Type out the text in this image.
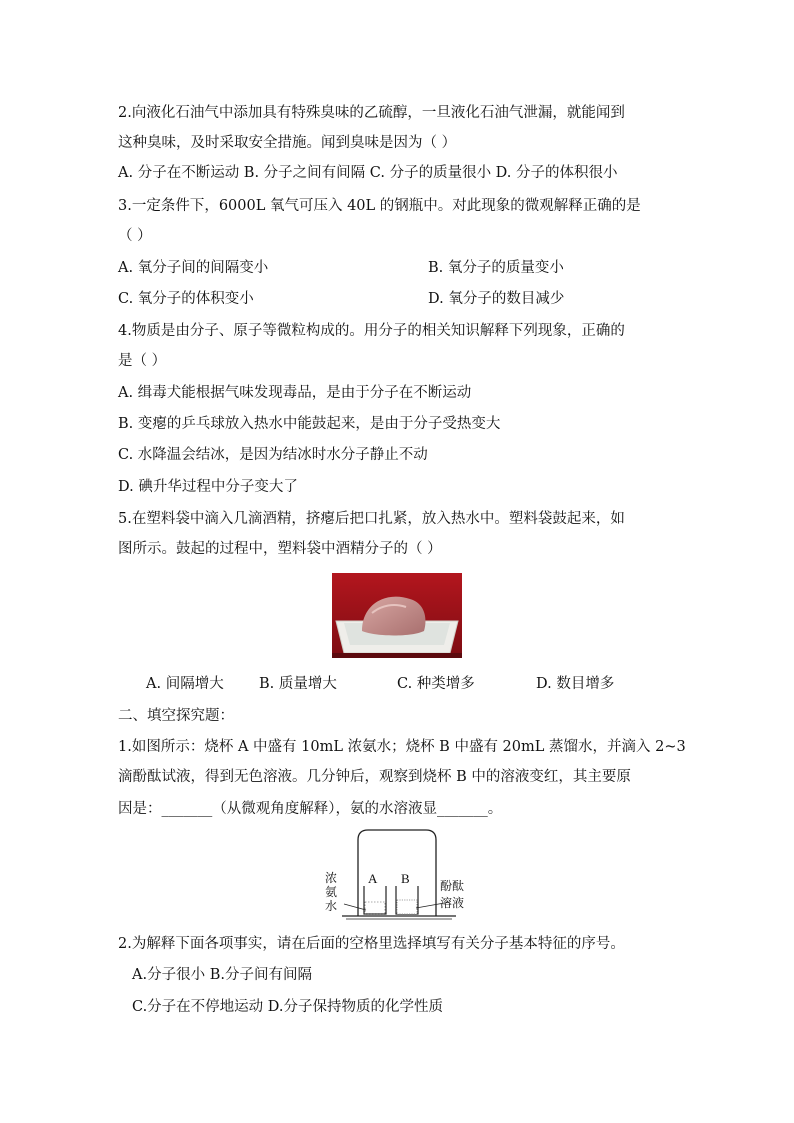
2.向液化石油气中添加具有特殊臭味的乙硫醇，一旦液化石油气泄漏，就能闻到
这种臭味，及时采取安全措施。闻到臭味是因为（ ）
A. 分子在不断运动 B. 分子之间有间隔 C. 分子的质量很小 D. 分子的体积很小
3.一定条件下，6000L 氧气可压入 40L 的钢瓶中。对此现象的微观解释正确的是
（ ）
A. 氧分子间的间隔变小	B. 氧分子的质量变小
C. 氧分子的体积变小	D. 氧分子的数目减少
4.物质是由分子、原子等微粒构成的。用分子的相关知识解释下列现象，正确的
是（ ）
A. 缉毒犬能根据气味发现毒品，是由于分子在不断运动
B. 变瘪的乒乓球放入热水中能鼓起来，是由于分子受热变大
C. 水降温会结冰，是因为结冰时水分子静止不动
D. 碘升华过程中分子变大了
5.在塑料袋中滴入几滴酒精，挤瘪后把口扎紧，放入热水中。塑料袋鼓起来，如
图所示。鼓起的过程中，塑料袋中酒精分子的（ ）
A. 间隔增大 B. 质量增大	C. 种类增多	D. 数目增多
二、填空探究题：
1.如图所示：烧杯 A 中盛有 10mL 浓氨水；烧杯 B 中盛有 20mL 蒸馏水，并滴入 2~3
滴酚酞试液，得到无色溶液。几分钟后，观察到烧杯 B 中的溶液变红，其主要原
因是：_______（从微观角度解释），氨的水溶液显_______。
A B
浓
氨
水
酚酞
溶液
2.为解释下面各项事实，请在后面的空格里选择填写有关分子基本特征的序号。
A.分子很小 B.分子间有间隔
C.分子在不停地运动 D.分子保持物质的化学性质
